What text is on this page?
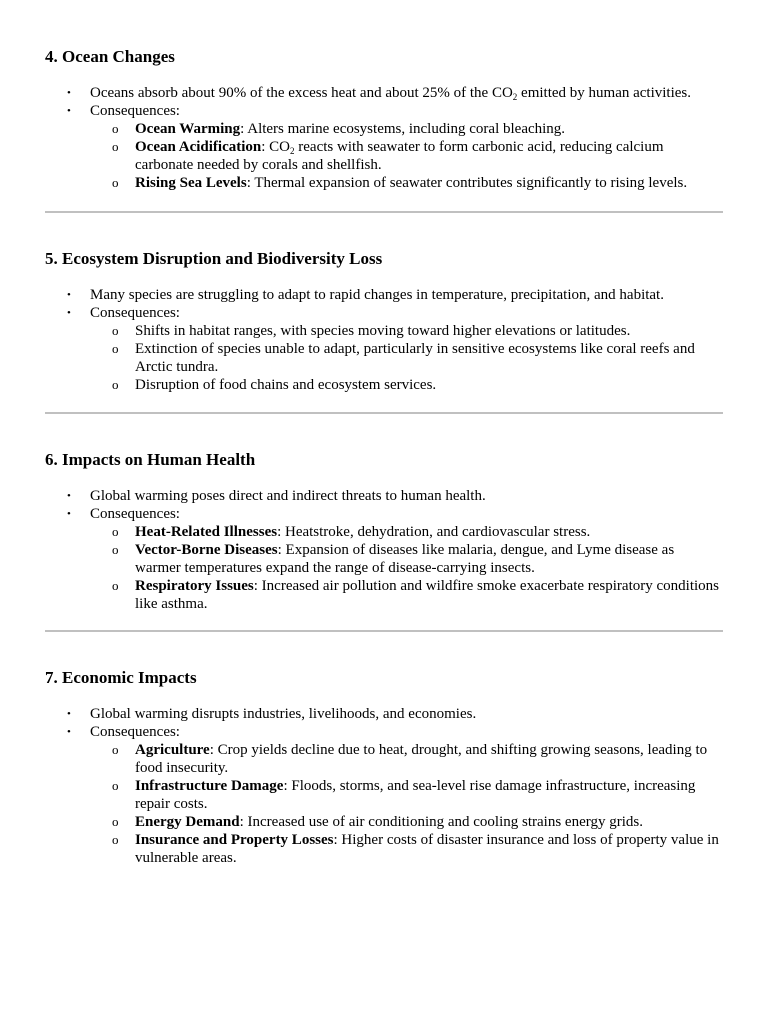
4. Ocean Changes
• Oceans absorb about 90% of the excess heat and about 25% of the $CO_2$ emitted by human activities.
• Consequences:
o Ocean Warming: Alters marine ecosystems, including coral bleaching.
o Ocean Acidification: $CO_2$ reacts with seawater to form carbonic acid, reducing calcium carbonate needed by corals and shellfish.
o Rising Sea Levels: Thermal expansion of seawater contributes significantly to rising levels.
5. Ecosystem Disruption and Biodiversity Loss
• Many species are struggling to adapt to rapid changes in temperature, precipitation, and habitat.
• Consequences:
o Shifts in habitat ranges, with species moving toward higher elevations or latitudes.
o Extinction of species unable to adapt, particularly in sensitive ecosystems like coral reefs and Arctic tundra.
o Disruption of food chains and ecosystem services.
6. Impacts on Human Health
• Global warming poses direct and indirect threats to human health.
• Consequences:
o Heat-Related Illnesses: Heatstroke, dehydration, and cardiovascular stress.
o Vector-Borne Diseases: Expansion of diseases like malaria, dengue, and Lyme disease as warmer temperatures expand the range of disease-carrying insects.
o Respiratory Issues: Increased air pollution and wildfire smoke exacerbate respiratory conditions like asthma.
7. Economic Impacts
• Global warming disrupts industries, livelihoods, and economies.
• Consequences:
o Agriculture: Crop yields decline due to heat, drought, and shifting growing seasons, leading to food insecurity.
o Infrastructure Damage: Floods, storms, and sea-level rise damage infrastructure, increasing repair costs.
o Energy Demand: Increased use of air conditioning and cooling strains energy grids.
o Insurance and Property Losses: Higher costs of disaster insurance and loss of property value in vulnerable areas.
